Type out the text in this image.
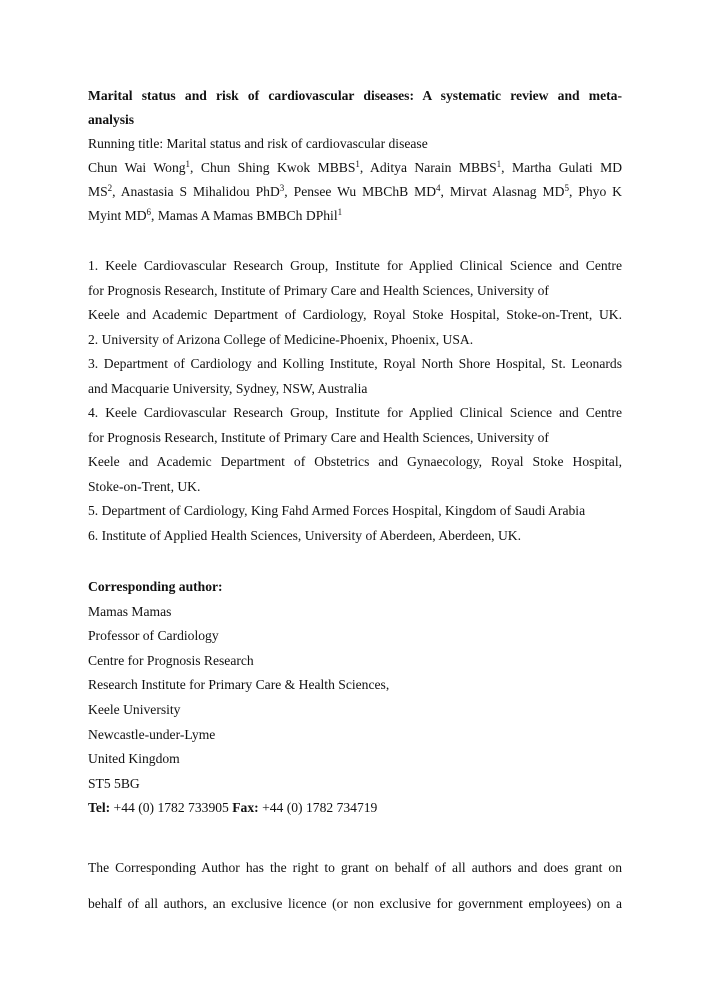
Marital status and risk of cardiovascular diseases: A systematic review and meta-
analysis
Running title: Marital status and risk of cardiovascular disease
Chun Wai Wong$^1$, Chun Shing Kwok MBBS$^1$, Aditya Narain MBBS$^1$, Martha Gulati MD
$MS^2$, Anastasia S Mihalidou PhD$^3$, Pensee Wu MBChB $MD^4$, Mirvat Alasnag $MD^5$, Phyo K
Myint $MD^6$, Mamas A Mamas BMBCh DPhil$^1$
1. Keele Cardiovascular Research Group, Institute for Applied Clinical Science and Centre
for Prognosis Research, Institute of Primary Care and Health Sciences, University of
Keele and Academic Department of Cardiology, Royal Stoke Hospital, Stoke-on-Trent, UK.
2. University of Arizona College of Medicine-Phoenix, Phoenix, USA.
3. Department of Cardiology and Kolling Institute, Royal North Shore Hospital, St. Leonards
and Macquarie University, Sydney, NSW, Australia
4. Keele Cardiovascular Research Group, Institute for Applied Clinical Science and Centre
for Prognosis Research, Institute of Primary Care and Health Sciences, University of
Keele and Academic Department of Obstetrics and Gynaecology, Royal Stoke Hospital,
Stoke-on-Trent, UK.
5. Department of Cardiology, King Fahd Armed Forces Hospital, Kingdom of Saudi Arabia
6. Institute of Applied Health Sciences, University of Aberdeen, Aberdeen, UK.
Corresponding author:
Mamas Mamas
Professor of Cardiology
Centre for Prognosis Research
Research Institute for Primary Care & Health Sciences,
Keele University
Newcastle-under-Lyme
United Kingdom
ST5 5BG
Tel: +44 (0) 1782 733905 Fax: +44 (0) 1782 734719
The Corresponding Author has the right to grant on behalf of all authors and does grant on
behalf of all authors, an exclusive licence (or non exclusive for government employees) on a
